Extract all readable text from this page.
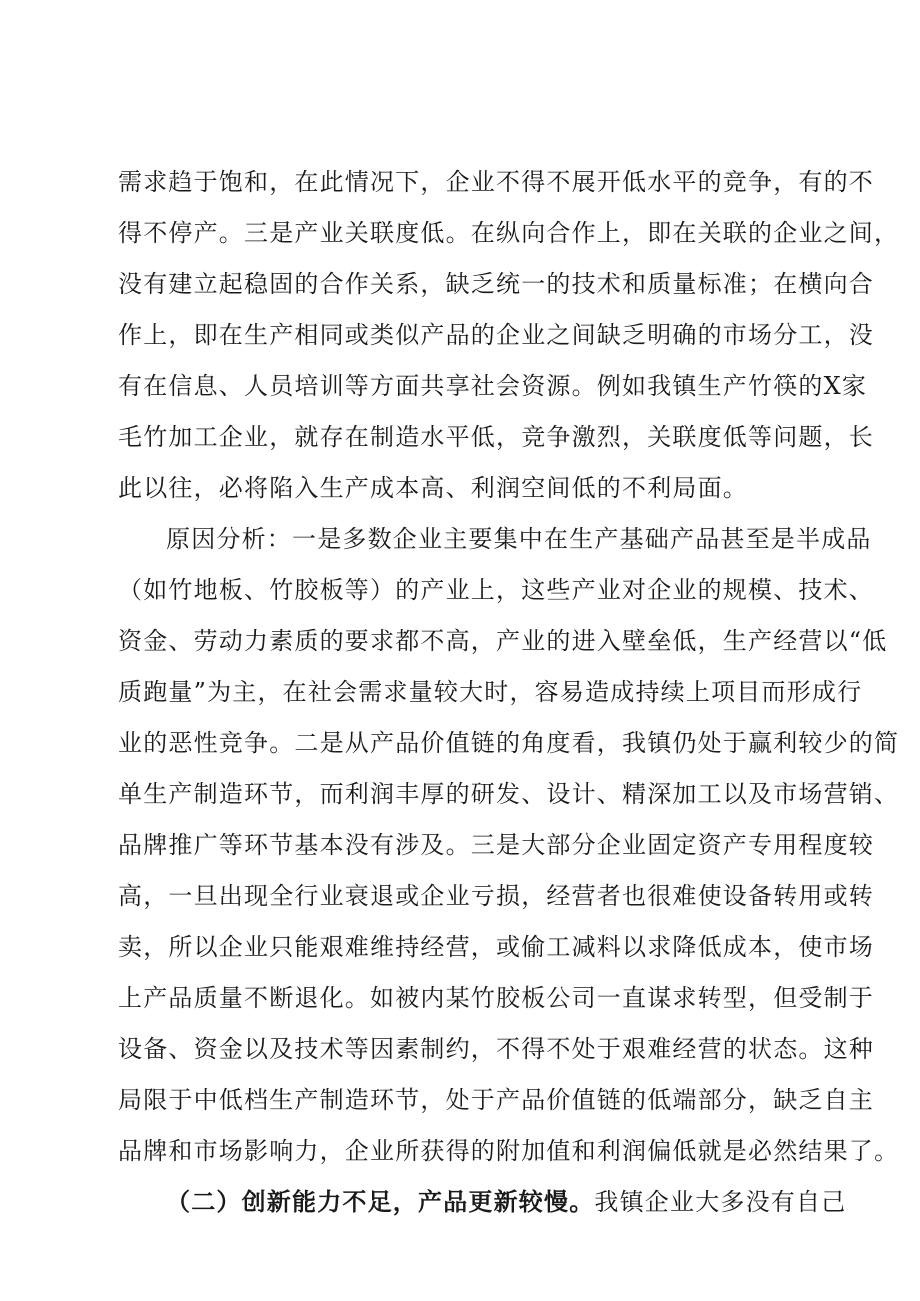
需求趋于饱和，在此情况下，企业不得不展开低水平的竞争，有的不
得不停产。三是产业关联度低。在纵向合作上，即在关联的企业之间，
没有建立起稳固的合作关系，缺乏统一的技术和质量标准；在横向合
作上，即在生产相同或类似产品的企业之间缺乏明确的市场分工，没
有在信息、人员培训等方面共享社会资源。例如我镇生产竹筷的X家
毛竹加工企业，就存在制造水平低，竞争激烈，关联度低等问题，长
此以往，必将陷入生产成本高、利润空间低的不利局面。
原因分析：一是多数企业主要集中在生产基础产品甚至是半成品
（如竹地板、竹胶板等）的产业上，这些产业对企业的规模、技术、
资金、劳动力素质的要求都不高，产业的进入壁垒低，生产经营以“低
质跑量”为主，在社会需求量较大时，容易造成持续上项目而形成行
业的恶性竞争。二是从产品价值链的角度看，我镇仍处于赢利较少的简
单生产制造环节，而利润丰厚的研发、设计、精深加工以及市场营销、
品牌推广等环节基本没有涉及。三是大部分企业固定资产专用程度较
高，一旦出现全行业衰退或企业亏损，经营者也很难使设备转用或转
卖，所以企业只能艰难维持经营，或偷工减料以求降低成本，使市场
上产品质量不断退化。如被内某竹胶板公司一直谋求转型，但受制于
设备、资金以及技术等因素制约，不得不处于艰难经营的状态。这种
局限于中低档生产制造环节，处于产品价值链的低端部分，缺乏自主
品牌和市场影响力，企业所获得的附加值和利润偏低就是必然结果了。
（二）创新能力不足，产品更新较慢。我镇企业大多没有自己
